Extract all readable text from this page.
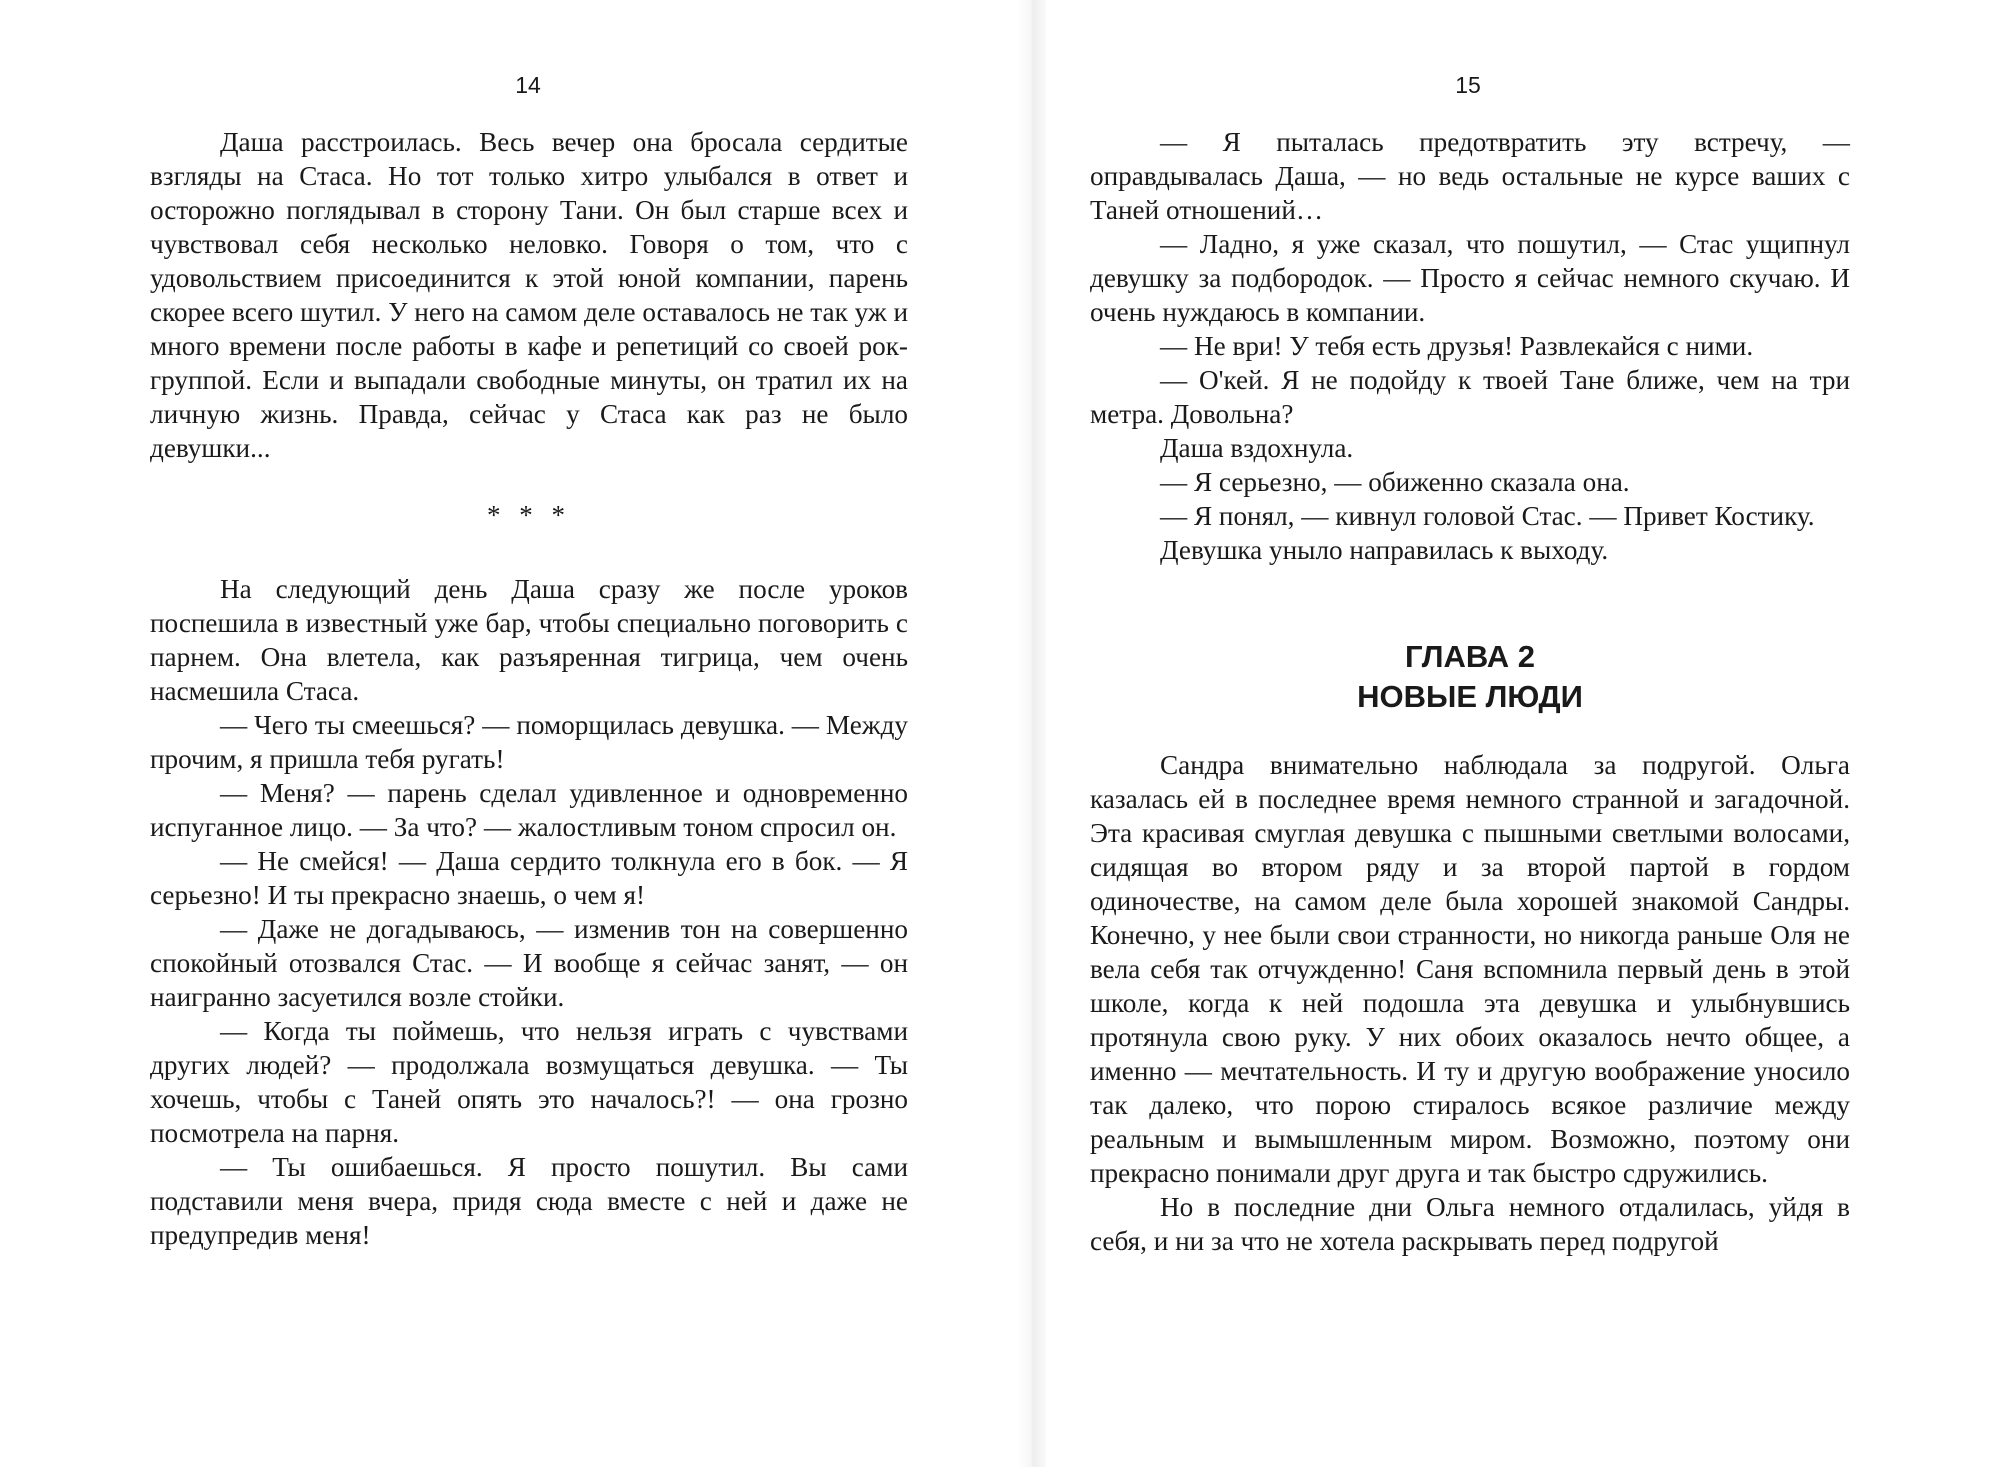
14

Даша расстроилась. Весь вечер она бросала сердитые взгляды на Стаса. Но тот только хитро улыбался в ответ и осторожно поглядывал в сторону Тани. Он был старше всех и чувствовал себя несколько неловко. Говоря о том, что с удовольствием присоединится к этой юной компании, парень скорее всего шутил. У него на самом деле оставалось не так уж и много времени после работы в кафе и репетиций со своей рок-группой. Если и выпадали свободные минуты, он тратил их на личную жизнь. Правда, сейчас у Стаса как раз не было девушки...

* * *

На следующий день Даша сразу же после уроков поспешила в известный уже бар, чтобы специально поговорить с парнем. Она влетела, как разъяренная тигрица, чем очень насмешила Стаса.

— Чего ты смеешься? — поморщилась девушка. — Между прочим, я пришла тебя ругать!

— Меня? — парень сделал удивленное и одновременно испуганное лицо. — За что? — жалостливым тоном спросил он.

— Не смейся! — Даша сердито толкнула его в бок. — Я серьезно! И ты прекрасно знаешь, о чем я!

— Даже не догадываюсь, — изменив тон на совершенно спокойный отозвался Стас. — И вообще я сейчас занят, — он наигранно засуетился возле стойки.

— Когда ты поймешь, что нельзя играть с чувствами других людей? — продолжала возмущаться девушка. — Ты хочешь, чтобы с Таней опять это началось?! — она грозно посмотрела на парня.

— Ты ошибаешься. Я просто пошутил. Вы сами подставили меня вчера, придя сюда вместе с ней и даже не предупредив меня!

15

— Я пыталась предотвратить эту встречу, — оправдывалась Даша, — но ведь остальные не курсе ваших с Таней отношений…

— Ладно, я уже сказал, что пошутил, — Стас ущипнул девушку за подбородок. — Просто я сейчас немного скучаю. И очень нуждаюсь в компании.

— Не ври! У тебя есть друзья! Развлекайся с ними.

— О'кей. Я не подойду к твоей Тане ближе, чем на три метра. Довольна?

Даша вздохнула.

— Я серьезно, — обиженно сказала она.

— Я понял, — кивнул головой Стас. — Привет Костику.

Девушка уныло направилась к выходу.

ГЛАВА 2
НОВЫЕ ЛЮДИ

Сандра внимательно наблюдала за подругой. Ольга казалась ей в последнее время немного странной и загадочной. Эта красивая смуглая девушка с пышными светлыми волосами, сидящая во втором ряду и за второй партой в гордом одиночестве, на самом деле была хорошей знакомой Сандры. Конечно, у нее были свои странности, но никогда раньше Оля не вела себя так отчужденно! Саня вспомнила первый день в этой школе, когда к ней подошла эта девушка и улыбнувшись протянула свою руку. У них обоих оказалось нечто общее, а именно — мечтательность. И ту и другую воображение уносило так далеко, что порою стиралось всякое различие между реальным и вымышленным миром. Возможно, поэтому они прекрасно понимали друг друга и так быстро сдружились.

Но в последние дни Ольга немного отдалилась, уйдя в себя, и ни за что не хотела раскрывать перед подругой
